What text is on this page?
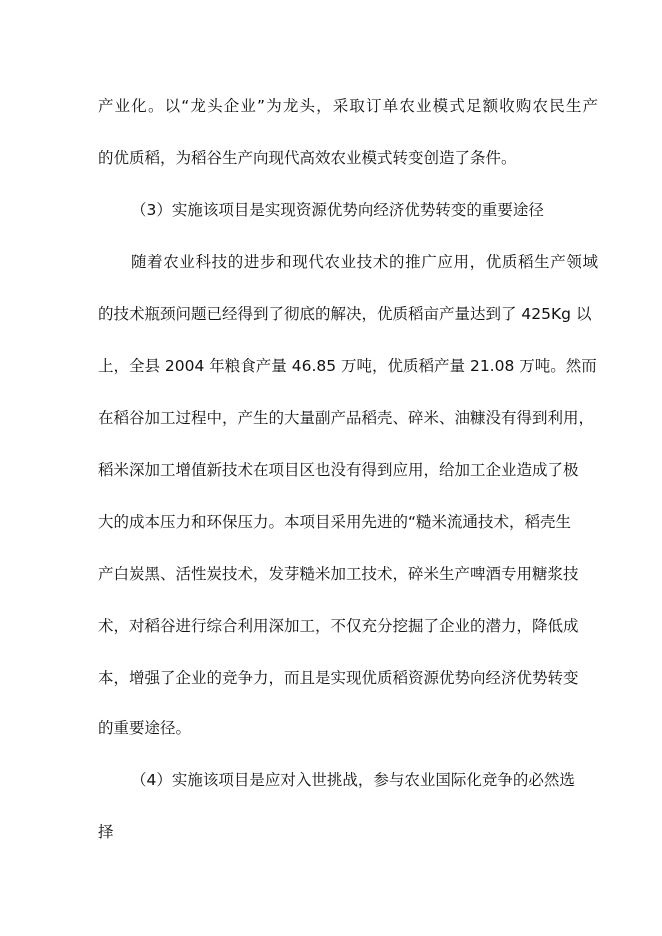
产业化。以“龙头企业”为龙头，采取订单农业模式足额收购农民生产
的优质稻，为稻谷生产向现代高效农业模式转变创造了条件。
（3）实施该项目是实现资源优势向经济优势转变的重要途径
随着农业科技的进步和现代农业技术的推广应用，优质稻生产领域
的技术瓶颈问题已经得到了彻底的解决，优质稻亩产量达到了 425Kg 以
上，全县 2004 年粮食产量 46.85 万吨，优质稻产量 21.08 万吨。然而
在稻谷加工过程中，产生的大量副产品稻壳、碎米、油糠没有得到利用，
稻米深加工增值新技术在项目区也没有得到应用，给加工企业造成了极
大的成本压力和环保压力。本项目采用先进的“糙米流通技术，稻壳生
产白炭黑、活性炭技术，发芽糙米加工技术，碎米生产啤酒专用糖浆技
术，对稻谷进行综合利用深加工，不仅充分挖掘了企业的潜力，降低成
本，增强了企业的竞争力，而且是实现优质稻资源优势向经济优势转变
的重要途径。
（4）实施该项目是应对入世挑战，参与农业国际化竞争的必然选
择
